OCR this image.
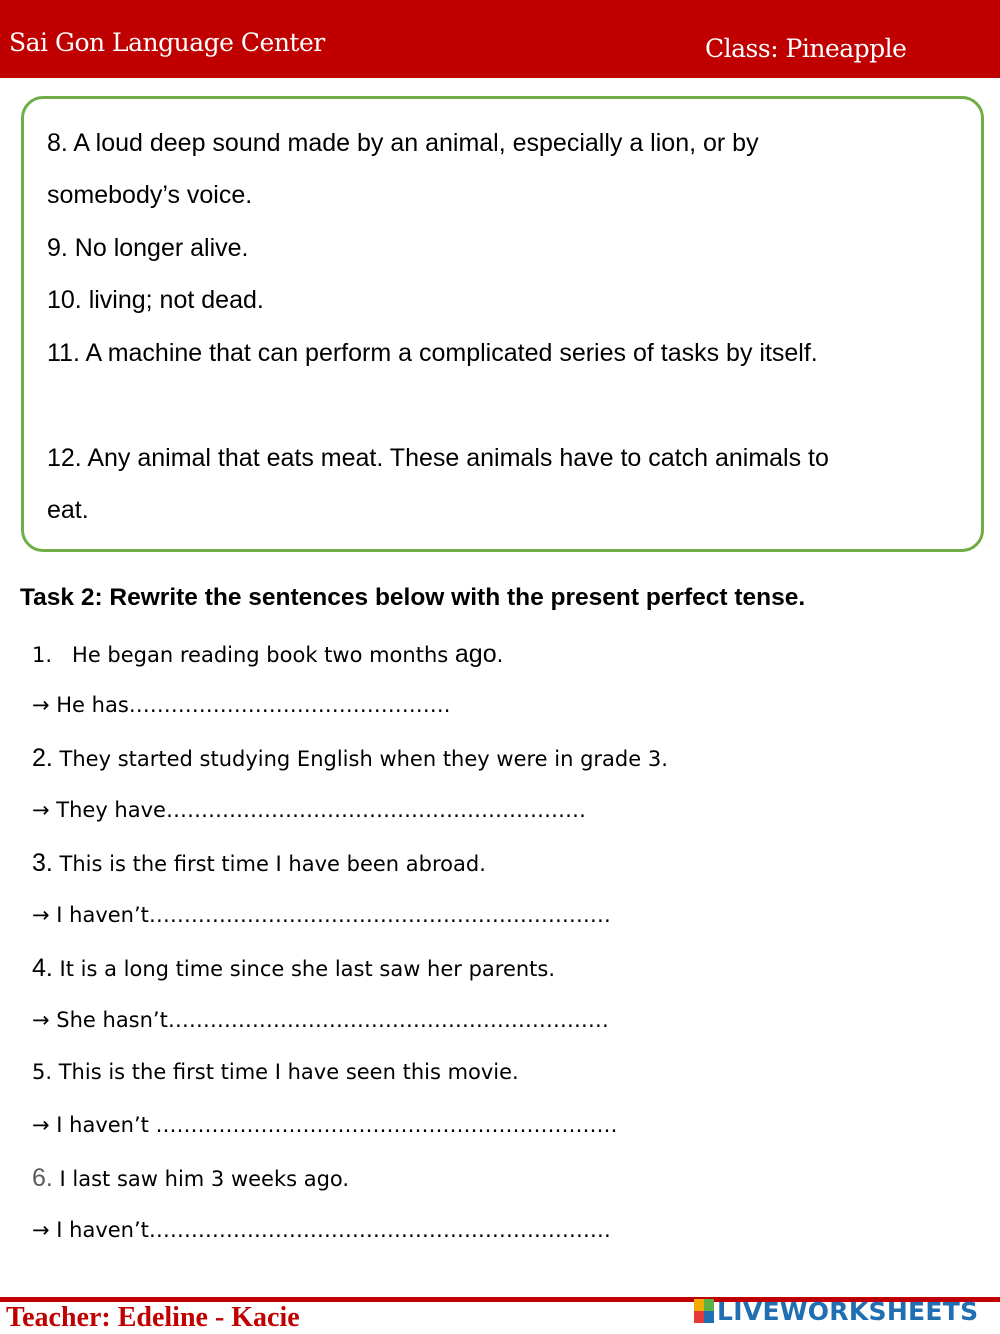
Sai Gon Language Center	Class: Pineapple
8. A loud deep sound made by an animal, especially a lion, or by
somebody’s voice.
9. No longer alive.
10. living; not dead.
11. A machine that can perform a complicated series of tasks by itself.
12. Any animal that eats meat. These animals have to catch animals to
eat.
Task 2: Rewrite the sentences below with the present perfect tense.
1. He began reading book two months ago.
→ He has……………………………………….
2. They started studying English when they were in grade 3.
→ They have……………………………………………………
3. This is the first time I have been abroad.
→ I haven’t…………………………………………………………
4. It is a long time since she last saw her parents.
→ She hasn’t………………………………………………………
5. This is the first time I have seen this movie.
→ I haven’t …………………………………………………………
6. I last saw him 3 weeks ago.
→ I haven’t…………………………………………………………
Teacher: Edeline - Kacie	LIVEWORKSHEETS
